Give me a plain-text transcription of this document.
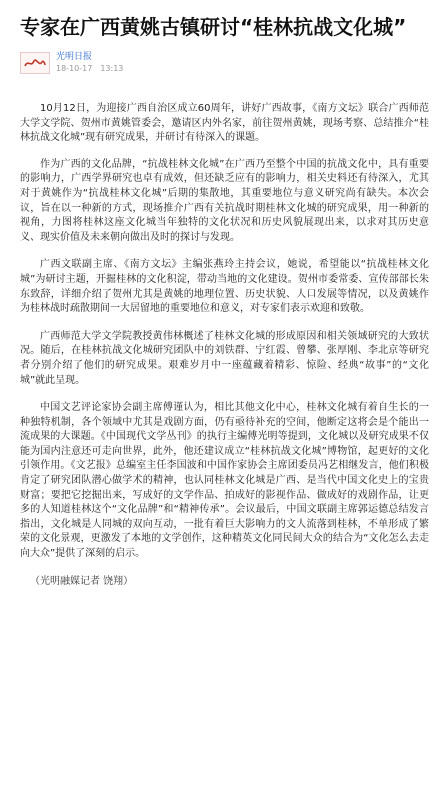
专家在广西黄姚古镇研讨“桂林抗战文化城”
光明日报
18-10-17 13:13

10月12日，为迎接广西自治区成立60周年，讲好广西故事，《南方文坛》联合广西师范大学文学院、贺州市黄姚管委会，邀请区内外名家，前往贺州黄姚，现场考察、总结推介“桂林抗战文化城”现有研究成果，并研讨有待深入的课题。

作为广西的文化品牌，“抗战桂林文化城”在广西乃至整个中国的抗战文化中，具有重要的影响力，广西学界研究也卓有成效，但还缺乏应有的影响力，相关史料还有待深入，尤其对于黄姚作为“抗战桂林文化城”后期的集散地，其重要地位与意义研究尚有缺失。本次会议，旨在以一种新的方式，现场推介广西有关抗战时期桂林文化城的研究成果，用一种新的视角，力图将桂林这座文化城当年独特的文化状况和历史风貌展现出来，以求对其历史意义、现实价值及未来朝向做出及时的探讨与发现。

广西文联副主席、《南方文坛》主编张燕玲主持会议，她说，希望能以“抗战桂林文化城”为研讨主题，开掘桂林的文化积淀，带动当地的文化建设。贺州市委常委、宣传部部长朱东致辞，详细介绍了贺州尤其是黄姚的地理位置、历史状貌、人口发展等情况，以及黄姚作为桂林战时疏散期间一大居留地的重要地位和意义，对专家们表示欢迎和致敬。

广西师范大学文学院教授黄伟林概述了桂林文化城的形成原因和相关领域研究的大致状况。随后，在桂林抗战文化城研究团队中的刘铁群、宁红霞、曾攀、张厚刚、李北京等研究者分别介绍了他们的研究成果。艰难岁月中一座蕴藏着精彩、惊险、经典“故事”的“文化城”就此呈现。

中国文艺评论家协会副主席傅谨认为，相比其他文化中心，桂林文化城有着自生长的一种独特机制，各个领域中尤其是戏剧方面，仍有亟待补充的空间，他断定这将会是个能出一流成果的大课题。《中国现代文学丛刊》的执行主编傅光明等提到，文化城以及研究成果不仅能为国内注意还可走向世界，此外，他还建议成立“桂林抗战文化城”博物馆，起更好的文化引领作用。《文艺报》总编室主任李国波和中国作家协会主席团委员冯艺相继发言，他们积极肯定了研究团队潜心做学术的精神，也认同桂林文化城是广西、是当代中国文化史上的宝贵财富；要把它挖掘出来，写成好的文学作品、拍成好的影视作品、做成好的戏剧作品，让更多的人知道桂林这个“文化品牌”和“精神传承”。会议最后，中国文联副主席郭运德总结发言指出，文化城是人同城的双向互动，一批有着巨大影响力的文人流落到桂林，不单形成了繁荣的文化景观，更激发了本地的文学创作，这种精英文化同民间大众的结合为“文化怎么去走向大众”提供了深刻的启示。

（光明融媒记者 饶翔）
